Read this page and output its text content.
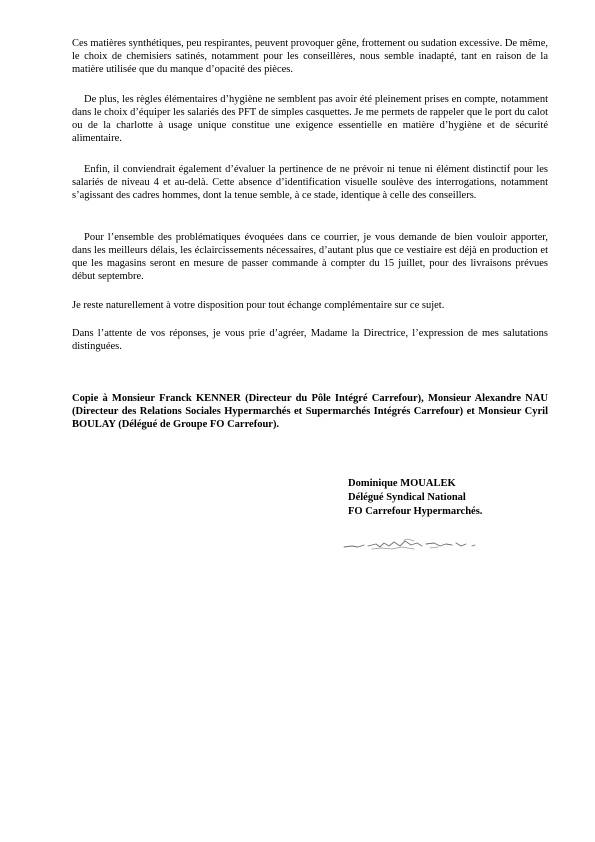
Ces matières synthétiques, peu respirantes, peuvent provoquer gêne, frottement ou sudation excessive. De même, le choix de chemisiers satinés, notamment pour les conseillères, nous semble inadapté, tant en raison de la matière utilisée que du manque d’opacité des pièces.

De plus, les règles élémentaires d’hygiène ne semblent pas avoir été pleinement prises en compte, notamment dans le choix d’équiper les salariés des PFT de simples casquettes. Je me permets de rappeler que le port du calot ou de la charlotte à usage unique constitue une exigence essentielle en matière d’hygiène et de sécurité alimentaire.

Enfin, il conviendrait également d’évaluer la pertinence de ne prévoir ni tenue ni élément distinctif pour les salariés de niveau 4 et au-delà. Cette absence d’identification visuelle soulève des interrogations, notamment s’agissant des cadres hommes, dont la tenue semble, à ce stade, identique à celle des conseillers.

Pour l’ensemble des problématiques évoquées dans ce courrier, je vous demande de bien vouloir apporter, dans les meilleurs délais, les éclaircissements nécessaires, d’autant plus que ce vestiaire est déjà en production et que les magasins seront en mesure de passer commande à compter du 15 juillet, pour des livraisons prévues début septembre.

Je reste naturellement à votre disposition pour tout échange complémentaire sur ce sujet.

Dans l’attente de vos réponses, je vous prie d’agréer, Madame la Directrice, l’expression de mes salutations distinguées.

Copie à Monsieur Franck KENNER (Directeur du Pôle Intégré Carrefour), Monsieur Alexandre NAU (Directeur des Relations Sociales Hypermarchés et Supermarchés Intégrés Carrefour) et Monsieur Cyril BOULAY (Délégué de Groupe FO Carrefour).

Dominique MOUALEK
Délégué Syndical National
FO Carrefour Hypermarchés.
